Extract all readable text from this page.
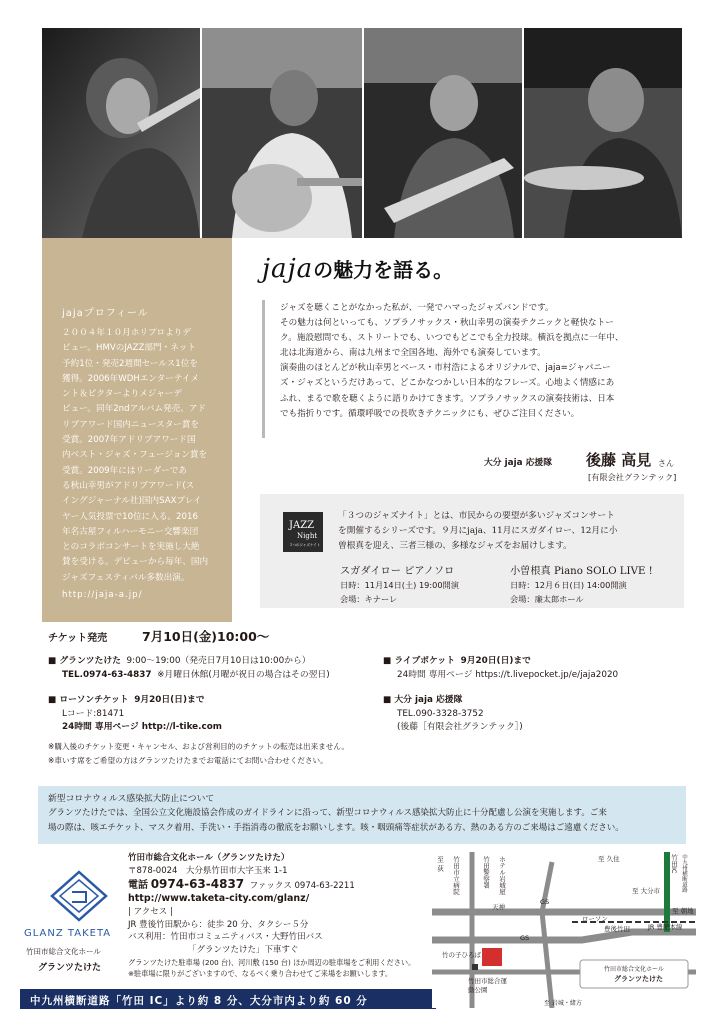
jajaプロフィール
２００４年１０月ホリプロよりデ
ビュー。HMVのJAZZ部門・ネット
予約1位・発売2週間セールス1位を
獲得。2006年WDHエンターテイメ
ント＆ビクターよりメジャーデ
ビュー。同年2ndアルバム発売、アド
リブアワード国内ニュースター賞を
受賞。2007年アドリブアワード国
内ベスト・ジャズ・フュージョン賞を
受賞。2009年にはリーダーであ
る秋山幸男がアドリブアワード(ス
イングジャーナル社)国内SAXプレイ
ヤー人気投票で10位に入る。2016
年名古屋フィルハーモニー交響楽団
とのコラボコンサートを実施し大絶
賛を受ける。デビューから毎年、国内
ジャズフェスティバル多数出演。
http://jaja-a.jp/
jajaの魅力を語る。
ジャズを聴くことがなかった私が、一発でハマったジャズバンドです。
その魅力は何といっても、ソプラノサックス・秋山幸男の演奏テクニックと軽快なトー
ク。施設慰問でも、ストリートでも、いつでもどこでも全力投球。横浜を拠点に一年中、
北は北海道から、南は九州まで全国各地、海外でも演奏しています。
演奏曲のほとんどが秋山幸男とベース・市村浩によるオリジナルで、jaja=ジャパニー
ズ・ジャズというだけあって、どこかなつかしい日本的なフレーズ。心地よく情感にあ
ふれ、まるで歌を聴くように語りかけてきます。ソプラノサックスの演奏技術は、日本
でも指折りです。循環呼吸での長吹きテクニックにも、ぜひご注目ください。
大分 jaja 応援隊 後藤 高見 さん
[有限会社グランテック]
JAZZ
Night
３つのジャズナイト
「３つのジャズナイト」とは、市民からの要望が多いジャズコンサート
を開催するシリーズです。９月にjaja、11月にスガダイロー、12月に小
曽根真を迎え、三者三様の、多様なジャズをお届けします。
スガダイロー ピアノソロ
日時：11月14日(土) 19:00開演
会場：キナーレ
小曽根真 Piano SOLO LIVE !
日時：12月６日(日) 14:00開演
会場：廉太郎ホール
チケット発売	7月10日(金)10:00～
■ グランツたけた 9:00～19:00（発売日7月10日は10:00から）
TEL.0974-63-4837 ※月曜日休館(月曜が祝日の場合はその翌日)
■ ローソンチケット 9月20日(日)まで
Lコード:81471
24時間 専用ページ http://l-tike.com
■ ライブポケット 9月20日(日)まで
24時間 専用ページ https://t.livepocket.jp/e/jaja2020
■ 大分 jaja 応援隊
TEL.090-3328-3752
(後藤［有限会社グランテック］)
※購入後のチケット変更・キャンセル、および営利目的のチケットの転売は出来ません。
※車いす席をご希望の方はグランツたけたまでお電話にてお問い合わせください。
新型コロナウィルス感染拡大防止について
グランツたけたでは、全国公立文化施設協会作成のガイドラインに沿って、新型コロナウィルス感染拡大防止に十分配慮し公演を実施します。ご来
場の際は、咳エチケット、マスク着用、手洗い・手指消毒の徹底をお願いします。咳・咽頭痛等症状がある方、熱のある方のご来場はご遠慮ください。
GLANZ TAKETA
竹田市総合文化ホール
グランツたけた
竹田市総合文化ホール（グランツたけた）
〒878-0024　大分県竹田市大字玉来 1-1
電話 0974-63-4837 ファックス 0974-63-2211
http://www.taketa-city.com/glanz/
| アクセス |
JR 豊後竹田駅から：徒歩 20 分、タクシー５分
バス利用：竹田市コミュニティバス・大野竹田バス
「グランツたけた」下車すぐ
グランツたけた駐車場 (200 台)、河川敷 (150 台) ほか周辺の駐車場をご利用ください。
※駐車場に限りがございますので、なるべく乗り合わせてご来場をお願いします。
中九州横断道路「竹田 IC」より約 8 分、大分市内より約 60 分
至 荻 竹田市立病院	竹田警察署 ホテル岩城屋	至 久住	竹田IC 中九州横断道路
GS
天神
至 大分市
至 朝地
ローソン
豊後竹田	JR 豊肥本線
GS
竹の子ひろば
竹田市総合運動公園
竹田市総合文化ホール
グランツたけた
至 岩城・緒方
